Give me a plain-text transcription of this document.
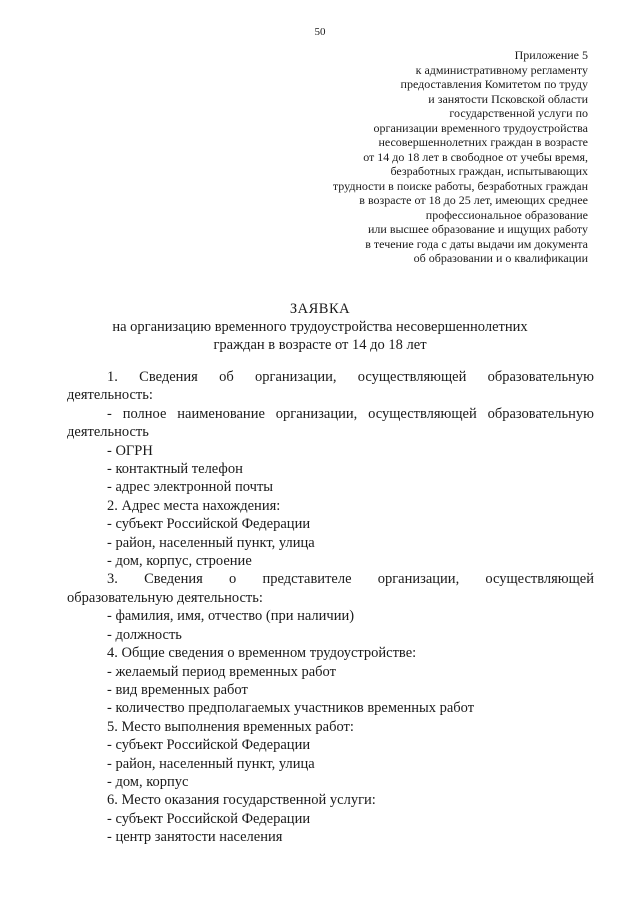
50
Приложение 5
к административному регламенту
предоставления Комитетом по труду
и занятости Псковской области
государственной услуги по
организации временного трудоустройства
несовершеннолетних граждан в возрасте
от 14 до 18 лет в свободное от учебы время,
безработных граждан, испытывающих
трудности в поиске работы, безработных граждан
в возрасте от 18 до 25 лет, имеющих среднее
профессиональное образование
или высшее образование и ищущих работу
в течение года с даты выдачи им документа
об образовании и о квалификации
ЗАЯВКА
на организацию временного трудоустройства несовершеннолетних
граждан в возрасте от 14 до 18 лет
1. Сведения об организации, осуществляющей образовательную
деятельность:
- полное наименование организации, осуществляющей образовательную
деятельность
- ОГРН
- контактный телефон
- адрес электронной почты
2. Адрес места нахождения:
- субъект Российской Федерации
- район, населенный пункт, улица
- дом, корпус, строение
3. Сведения о представителе организации, осуществляющей
образовательную деятельность:
- фамилия, имя, отчество (при наличии)
- должность
4. Общие сведения о временном трудоустройстве:
- желаемый период временных работ
- вид временных работ
- количество предполагаемых участников временных работ
5. Место выполнения временных работ:
- субъект Российской Федерации
- район, населенный пункт, улица
- дом, корпус
6. Место оказания государственной услуги:
- субъект Российской Федерации
- центр занятости населения
